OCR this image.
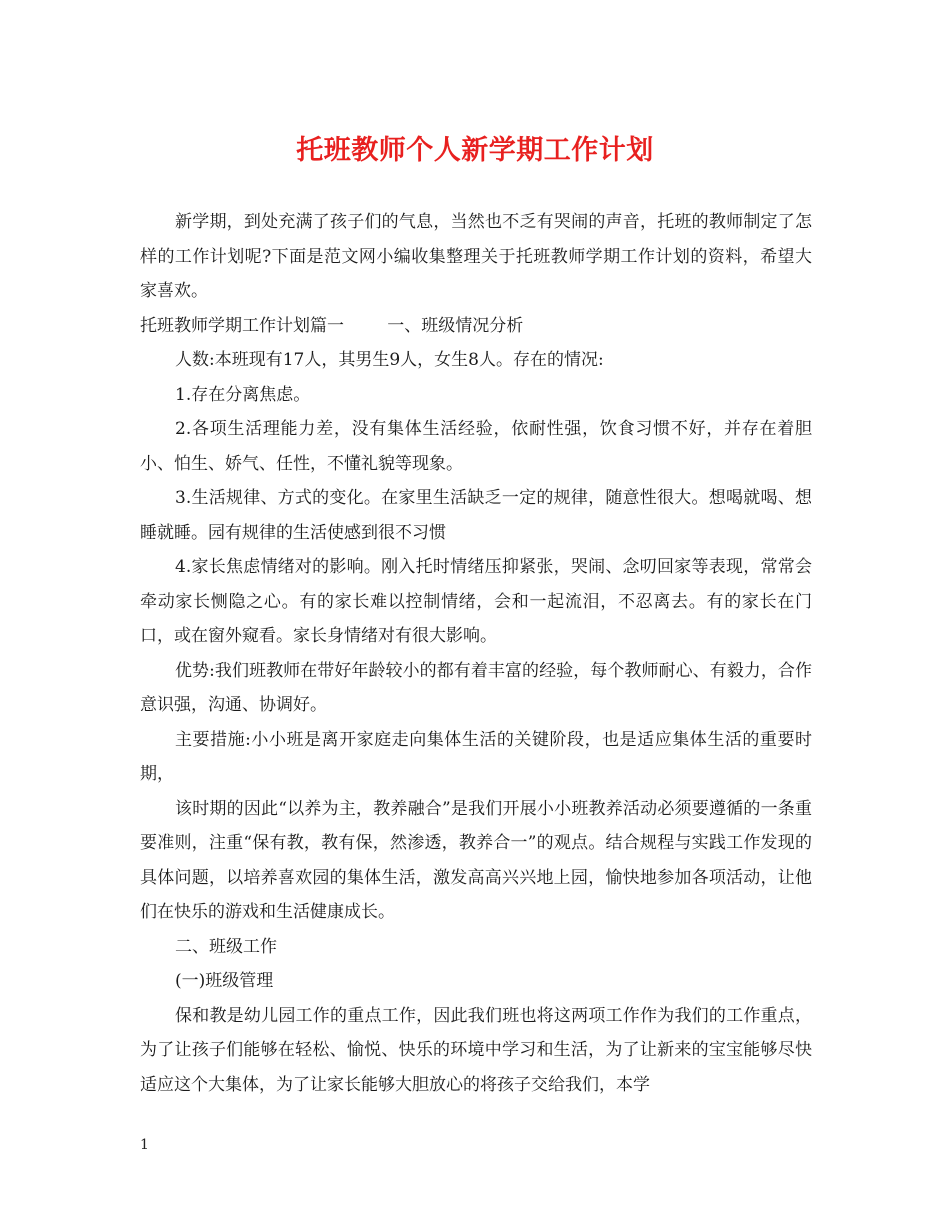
托班教师个人新学期工作计划

新学期，到处充满了孩子们的气息，当然也不乏有哭闹的声音，托班的教师制定了怎样的工作计划呢?下面是范文网小编收集整理关于托班教师学期工作计划的资料，希望大家喜欢。

托班教师学期工作计划篇一        一、班级情况分析

人数:本班现有17人，其男生9人，女生8人。存在的情况:

1.存在分离焦虑。

2.各项生活理能力差，没有集体生活经验，依耐性强，饮食习惯不好，并存在着胆小、怕生、娇气、任性，不懂礼貌等现象。

3.生活规律、方式的变化。在家里生活缺乏一定的规律，随意性很大。想喝就喝、想睡就睡。园有规律的生活使感到很不习惯

4.家长焦虑情绪对的影响。刚入托时情绪压抑紧张，哭闹、念叨回家等表现，常常会牵动家长恻隐之心。有的家长难以控制情绪，会和一起流泪，不忍离去。有的家长在门口，或在窗外窥看。家长身情绪对有很大影响。

优势:我们班教师在带好年龄较小的都有着丰富的经验，每个教师耐心、有毅力，合作意识强，沟通、协调好。

主要措施:小小班是离开家庭走向集体生活的关键阶段，也是适应集体生活的重要时期，

该时期的因此“以养为主，教养融合”是我们开展小小班教养活动必须要遵循的一条重要准则，注重“保有教，教有保，然渗透，教养合一”的观点。结合规程与实践工作发现的具体问题，以培养喜欢园的集体生活，激发高高兴兴地上园，愉快地参加各项活动，让他们在快乐的游戏和生活健康成长。

二、班级工作

(一)班级管理

保和教是幼儿园工作的重点工作，因此我们班也将这两项工作作为我们的工作重点，为了让孩子们能够在轻松、愉悦、快乐的环境中学习和生活，为了让新来的宝宝能够尽快适应这个大集体，为了让家长能够大胆放心的将孩子交给我们，本学

1
